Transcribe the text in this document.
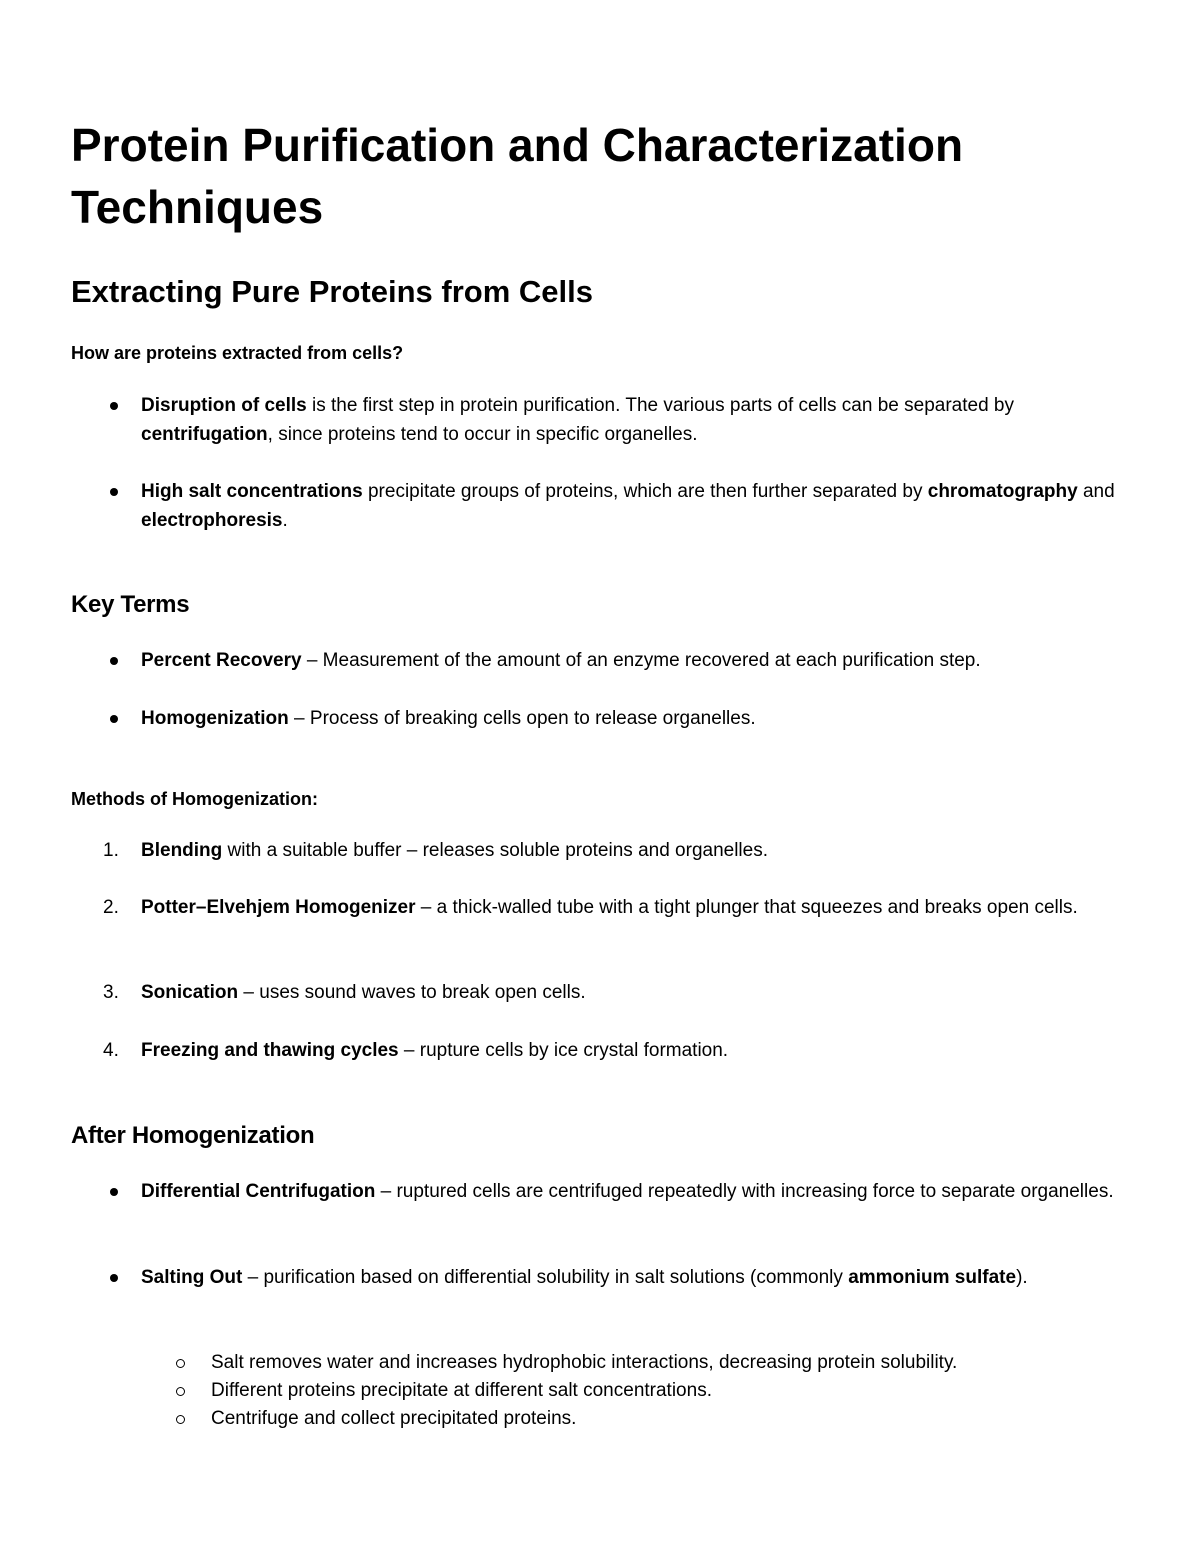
Protein Purification and Characterization Techniques
Extracting Pure Proteins from Cells
How are proteins extracted from cells?
Disruption of cells is the first step in protein purification. The various parts of cells can be separated by centrifugation, since proteins tend to occur in specific organelles.
High salt concentrations precipitate groups of proteins, which are then further separated by chromatography and electrophoresis.
Key Terms
Percent Recovery – Measurement of the amount of an enzyme recovered at each purification step.
Homogenization – Process of breaking cells open to release organelles.
Methods of Homogenization:
1.	Blending with a suitable buffer – releases soluble proteins and organelles.
2.	Potter–Elvehjem Homogenizer – a thick-walled tube with a tight plunger that squeezes and breaks open cells.
3.	Sonication – uses sound waves to break open cells.
4.	Freezing and thawing cycles – rupture cells by ice crystal formation.
After Homogenization
Differential Centrifugation – ruptured cells are centrifuged repeatedly with increasing force to separate organelles.
Salting Out – purification based on differential solubility in salt solutions (commonly ammonium sulfate).
Salt removes water and increases hydrophobic interactions, decreasing protein solubility.
Different proteins precipitate at different salt concentrations.
Centrifuge and collect precipitated proteins.
